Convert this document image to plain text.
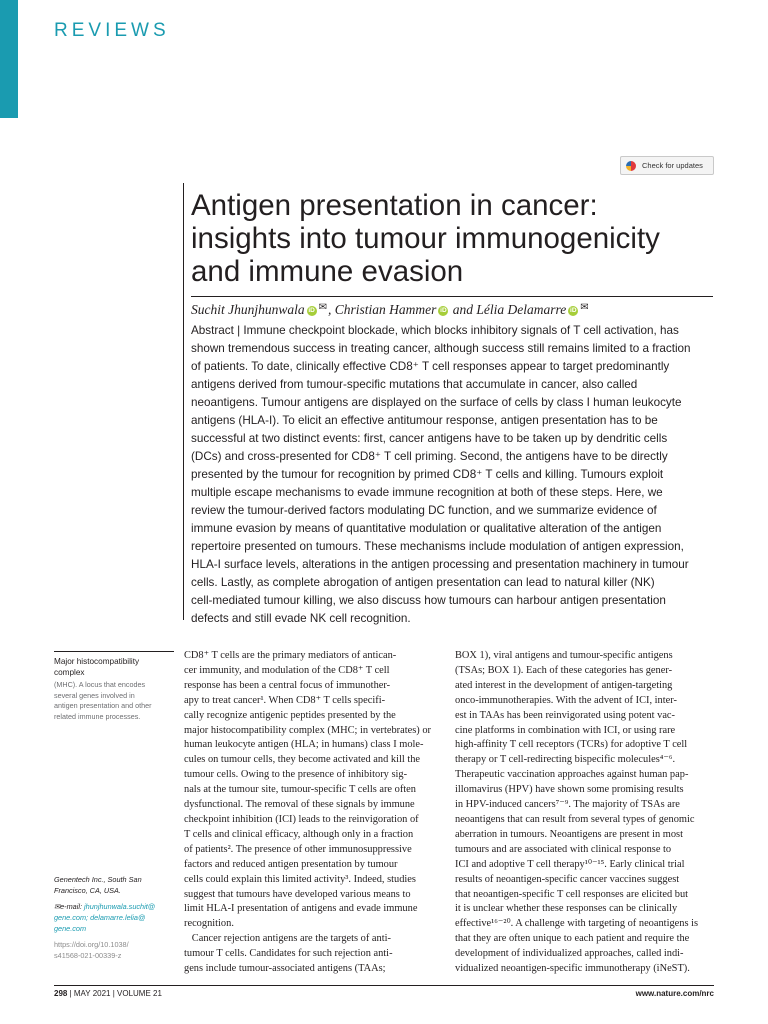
REVIEWS
Check for updates
Antigen presentation in cancer:
insights into tumour immunogenicity
and immune evasion
Suchit Jhunjhunwala iD ✉ , Christian Hammer iD and Lélia Delamarre iD ✉
Abstract | Immune checkpoint blockade, which blocks inhibitory signals of T cell activation, has
shown tremendous success in treating cancer, although success still remains limited to a fraction
of patients. To date, clinically effective CD8⁺ T cell responses appear to target predominantly
antigens derived from tumour-specific mutations that accumulate in cancer, also called
neoantigens. Tumour antigens are displayed on the surface of cells by class I human leukocyte
antigens (HLA-I). To elicit an effective antitumour response, antigen presentation has to be
successful at two distinct events: first, cancer antigens have to be taken up by dendritic cells
(DCs) and cross-presented for CD8⁺ T cell priming. Second, the antigens have to be directly
presented by the tumour for recognition by primed CD8⁺ T cells and killing. Tumours exploit
multiple escape mechanisms to evade immune recognition at both of these steps. Here, we
review the tumour-derived factors modulating DC function, and we summarize evidence of
immune evasion by means of quantitative modulation or qualitative alteration of the antigen
repertoire presented on tumours. These mechanisms include modulation of antigen expression,
HLA-I surface levels, alterations in the antigen processing and presentation machinery in tumour
cells. Lastly, as complete abrogation of antigen presentation can lead to natural killer (NK)
cell-mediated tumour killing, we also discuss how tumours can harbour antigen presentation
defects and still evade NK cell recognition.
Major histocompatibility
complex
(MHC). A locus that encodes
several genes involved in
antigen presentation and other
related immune processes.
Genentech Inc., South San
Francisco, CA, USA.
✉e-mail: jhunjhunwala.suchit@
gene.com; delamarre.lelia@
gene.com
https://doi.org/10.1038/
s41568-021-00339-z
CD8⁺ T cells are the primary mediators of antican-
cer immunity, and modulation of the CD8⁺ T cell
response has been a central focus of immunother-
apy to treat cancer¹. When CD8⁺ T cells specifi-
cally recognize antigenic peptides presented by the
major histocompatibility complex (MHC; in vertebrates) or
human leukocyte antigen (HLA; in humans) class I mole-
cules on tumour cells, they become activated and kill the
tumour cells. Owing to the presence of inhibitory sig-
nals at the tumour site, tumour-specific T cells are often
dysfunctional. The removal of these signals by immune
checkpoint inhibition (ICI) leads to the reinvigoration of
T cells and clinical efficacy, although only in a fraction
of patients². The presence of other immunosuppressive
factors and reduced antigen presentation by tumour
cells could explain this limited activity³. Indeed, studies
suggest that tumours have developed various means to
limit HLA-I presentation of antigens and evade immune
recognition.
Cancer rejection antigens are the targets of anti-
tumour T cells. Candidates for such rejection anti-
gens include tumour-associated antigens (TAAs;
BOX 1), viral antigens and tumour-specific antigens
(TSAs; BOX 1). Each of these categories has gener-
ated interest in the development of antigen-targeting
onco-immunotherapies. With the advent of ICI, inter-
est in TAAs has been reinvigorated using potent vac-
cine platforms in combination with ICI, or using rare
high-affinity T cell receptors (TCRs) for adoptive T cell
therapy or T cell-redirecting bispecific molecules⁴⁻⁶.
Therapeutic vaccination approaches against human pap-
illomavirus (HPV) have shown some promising results
in HPV-induced cancers⁷⁻⁹. The majority of TSAs are
neoantigens that can result from several types of genomic
aberration in tumours. Neoantigens are present in most
tumours and are associated with clinical response to
ICI and adoptive T cell therapy¹⁰⁻¹⁵. Early clinical trial
results of neoantigen-specific cancer vaccines suggest
that neoantigen-specific T cell responses are elicited but
it is unclear whether these responses can be clinically
effective¹⁶⁻²⁰. A challenge with targeting of neoantigens is
that they are often unique to each patient and require the
development of individualized approaches, called indi-
vidualized neoantigen-specific immunotherapy (iNeST).
298 | MAY 2021 | VOLUME 21	www.nature.com/nrc
